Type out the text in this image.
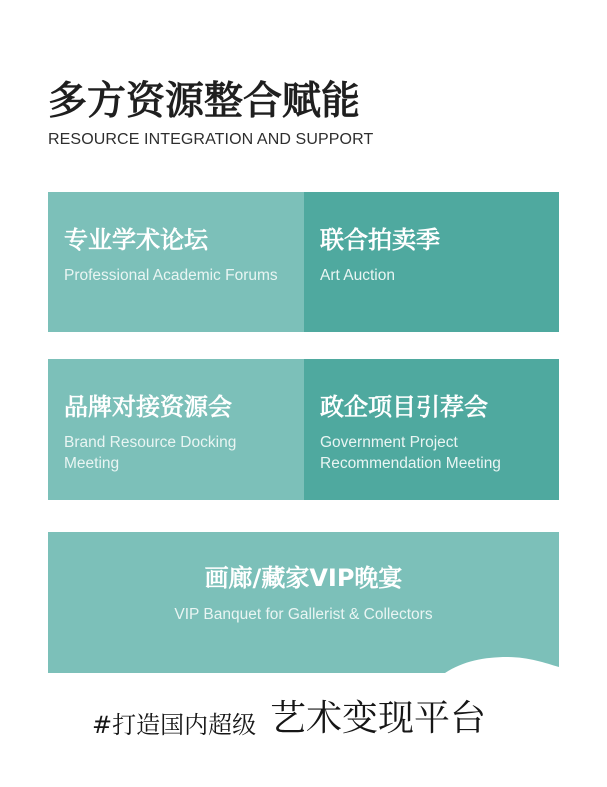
多方资源整合赋能
RESOURCE INTEGRATION AND SUPPORT
专业学术论坛
Professional Academic Forums
联合拍卖季
Art Auction
品牌对接资源会
Brand Resource Docking Meeting
政企项目引荐会
Government Project Recommendation Meeting
画廊/藏家VIP晚宴
VIP Banquet for Gallerist & Collectors
#打造国内超级 艺术变现平台
